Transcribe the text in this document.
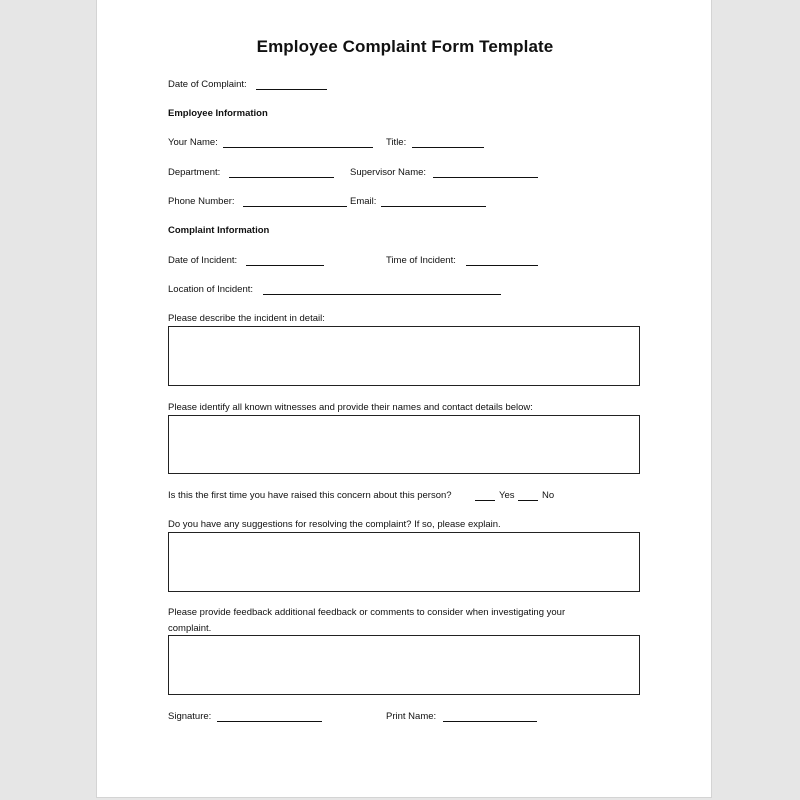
Employee Complaint Form Template
Date of Complaint:
Employee Information
Your Name:	Title:
Department:	Supervisor Name:
Phone Number:	Email:
Complaint Information
Date of Incident:	Time of Incident:
Location of Incident:
Please describe the incident in detail:
Please identify all known witnesses and provide their names and contact details below:
Is this the first time you have raised this concern about this person?	Yes	No
Do you have any suggestions for resolving the complaint? If so, please explain.
Please provide feedback additional feedback or comments to consider when investigating your
complaint.
Signature:	Print Name:
